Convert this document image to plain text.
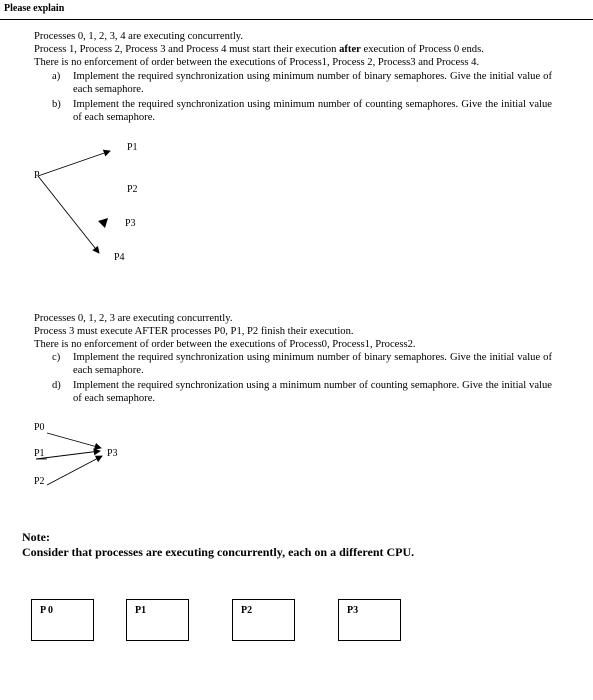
Please explain

Processes 0, 1, 2, 3, 4 are executing concurrently.

Process 1, Process 2, Process 3 and Process 4 must start their execution after execution of Process 0 ends.

There is no enforcement of order between the executions of Process1, Process 2, Process3 and Process 4.

a)	Implement the required synchronization using minimum number of binary semaphores. Give the initial value of each semaphore.
b)	Implement the required synchronization using minimum number of counting semaphores. Give the initial value of each semaphore.
P1
P
P2
P3
P4

Processes 0, 1, 2, 3 are executing concurrently.

Process 3 must execute AFTER processes P0, P1, P2 finish their execution.

There is no enforcement of order between the executions of Process0, Process1, Process2.

c)	Implement the required synchronization using minimum number of binary semaphores. Give the initial value of each semaphore.
d)	Implement the required synchronization using a minimum number of counting semaphore. Give the initial value of each semaphore.
P0
P1
P2
P3
Note:
Consider that processes are executing concurrently, each on a different CPU.
P 0	P1	P2	P3
